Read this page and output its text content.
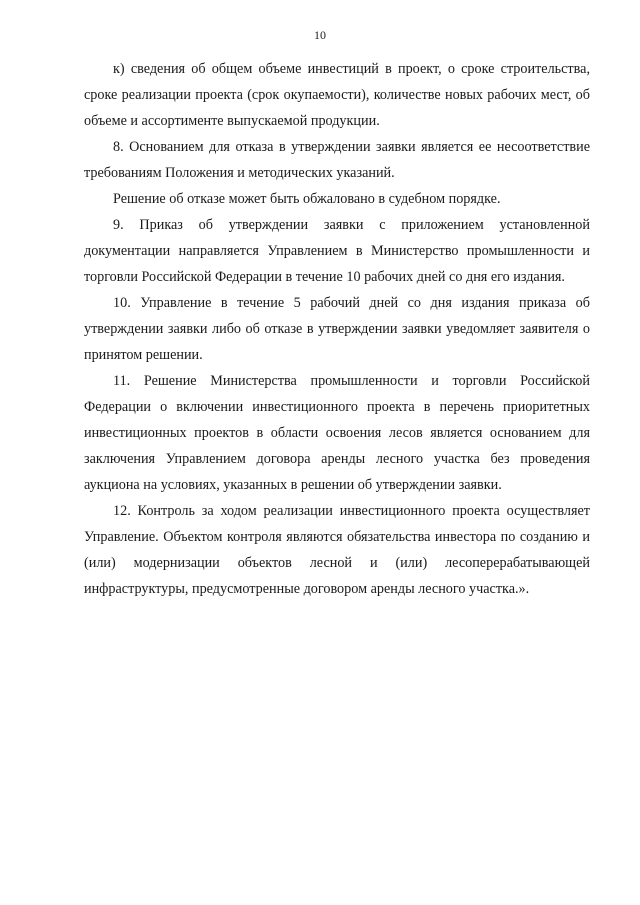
10

к) сведения об общем объеме инвестиций в проект, о сроке строительства, сроке реализации проекта (срок окупаемости), количестве новых рабочих мест, об объеме и ассортименте выпускаемой продукции.

8. Основанием для отказа в утверждении заявки является ее несоответствие требованиям Положения и методических указаний.

Решение об отказе может быть обжаловано в судебном порядке.

9. Приказ об утверждении заявки с приложением установленной документации направляется Управлением в Министерство промышленности и торговли Российской Федерации в течение 10 рабочих дней со дня его издания.

10. Управление в течение 5 рабочий дней со дня издания приказа об утверждении заявки либо об отказе в утверждении заявки уведомляет заявителя о принятом решении.

11. Решение Министерства промышленности и торговли Российской Федерации о включении инвестиционного проекта в перечень приоритетных инвестиционных проектов в области освоения лесов является основанием для заключения Управлением договора аренды лесного участка без проведения аукциона на условиях, указанных в решении об утверждении заявки.

12. Контроль за ходом реализации инвестиционного проекта осуществляет Управление. Объектом контроля являются обязательства инвестора по созданию и (или) модернизации объектов лесной и (или) лесоперерабатывающей инфраструктуры, предусмотренные договором аренды лесного участка.».
